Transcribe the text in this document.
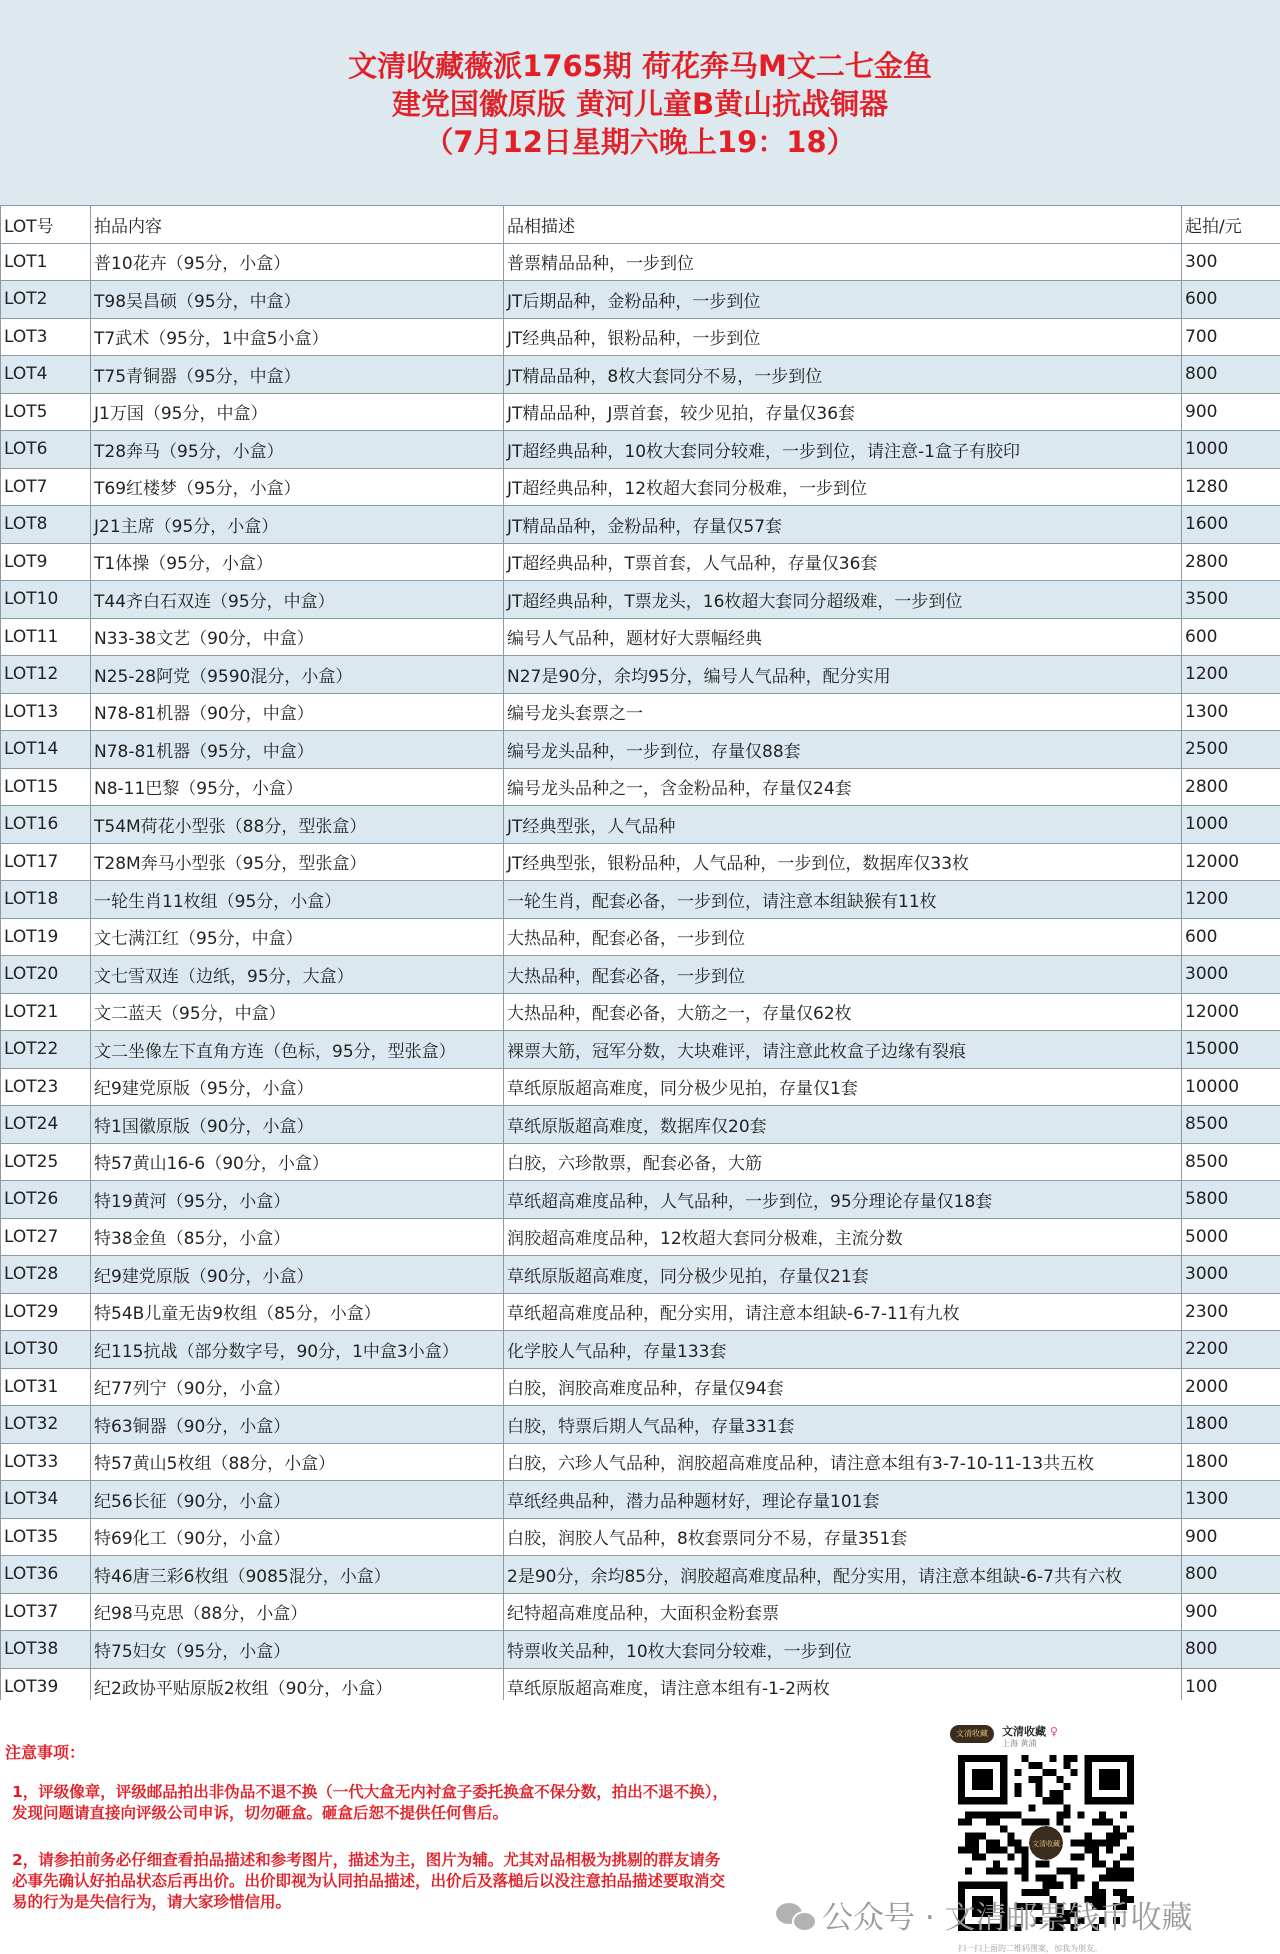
文清收藏薇派1765期 荷花奔马M文二七金鱼
建党国徽原版 黄河儿童B黄山抗战铜器
（7月12日星期六晚上19：18）
LOT号	拍品内容	品相描述	起拍/元
LOT1	普10花卉（95分，小盒）	普票精品品种，一步到位	300
LOT2	T98吴昌硕（95分，中盒）	JT后期品种，金粉品种，一步到位	600
LOT3	T7武术（95分，1中盒5小盒）	JT经典品种，银粉品种，一步到位	700
LOT4	T75青铜器（95分，中盒）	JT精品品种，8枚大套同分不易，一步到位	800
LOT5	J1万国（95分，中盒）	JT精品品种，J票首套，较少见拍，存量仅36套	900
LOT6	T28奔马（95分，小盒）	JT超经典品种，10枚大套同分较难，一步到位，请注意-1盒子有胶印	1000
LOT7	T69红楼梦（95分，小盒）	JT超经典品种，12枚超大套同分极难，一步到位	1280
LOT8	J21主席（95分，小盒）	JT精品品种，金粉品种，存量仅57套	1600
LOT9	T1体操（95分，小盒）	JT超经典品种，T票首套，人气品种，存量仅36套	2800
LOT10	T44齐白石双连（95分，中盒）	JT超经典品种，T票龙头，16枚超大套同分超级难，一步到位	3500
LOT11	N33-38文艺（90分，中盒）	编号人气品种，题材好大票幅经典	600
LOT12	N25-28阿党（9590混分，小盒）	N27是90分，余均95分，编号人气品种，配分实用	1200
LOT13	N78-81机器（90分，中盒）	编号龙头套票之一	1300
LOT14	N78-81机器（95分，中盒）	编号龙头品种，一步到位，存量仅88套	2500
LOT15	N8-11巴黎（95分，小盒）	编号龙头品种之一，含金粉品种，存量仅24套	2800
LOT16	T54M荷花小型张（88分，型张盒）	JT经典型张，人气品种	1000
LOT17	T28M奔马小型张（95分，型张盒）	JT经典型张，银粉品种，人气品种，一步到位，数据库仅33枚	12000
LOT18	一轮生肖11枚组（95分，小盒）	一轮生肖，配套必备，一步到位，请注意本组缺猴有11枚	1200
LOT19	文七满江红（95分，中盒）	大热品种，配套必备，一步到位	600
LOT20	文七雪双连（边纸，95分，大盒）	大热品种，配套必备，一步到位	3000
LOT21	文二蓝天（95分，中盒）	大热品种，配套必备，大筋之一，存量仅62枚	12000
LOT22	文二坐像左下直角方连（色标，95分，型张盒）	裸票大筋，冠军分数，大块难评，请注意此枚盒子边缘有裂痕	15000
LOT23	纪9建党原版（95分，小盒）	草纸原版超高难度，同分极少见拍，存量仅1套	10000
LOT24	特1国徽原版（90分，小盒）	草纸原版超高难度，数据库仅20套	8500
LOT25	特57黄山16-6（90分，小盒）	白胶，六珍散票，配套必备，大筋	8500
LOT26	特19黄河（95分，小盒）	草纸超高难度品种，人气品种，一步到位，95分理论存量仅18套	5800
LOT27	特38金鱼（85分，小盒）	润胶超高难度品种，12枚超大套同分极难，主流分数	5000
LOT28	纪9建党原版（90分，小盒）	草纸原版超高难度，同分极少见拍，存量仅21套	3000
LOT29	特54B儿童无齿9枚组（85分，小盒）	草纸超高难度品种，配分实用，请注意本组缺-6-7-11有九枚	2300
LOT30	纪115抗战（部分数字号，90分，1中盒3小盒）	化学胶人气品种，存量133套	2200
LOT31	纪77列宁（90分，小盒）	白胶，润胶高难度品种，存量仅94套	2000
LOT32	特63铜器（90分，小盒）	白胶，特票后期人气品种，存量331套	1800
LOT33	特57黄山5枚组（88分，小盒）	白胶，六珍人气品种，润胶超高难度品种，请注意本组有3-7-10-11-13共五枚	1800
LOT34	纪56长征（90分，小盒）	草纸经典品种，潜力品种题材好，理论存量101套	1300
LOT35	特69化工（90分，小盒）	白胶，润胶人气品种，8枚套票同分不易，存量351套	900
LOT36	特46唐三彩6枚组（9085混分，小盒）	2是90分，余均85分，润胶超高难度品种，配分实用，请注意本组缺-6-7共有六枚	800
LOT37	纪98马克思（88分，小盒）	纪特超高难度品种，大面积金粉套票	900
LOT38	特75妇女（95分，小盒）	特票收关品种，10枚大套同分较难，一步到位	800
LOT39	纪2政协平贴原版2枚组（90分，小盒）	草纸原版超高难度，请注意本组有-1-2两枚	100
注意事项：
1，评级像章，评级邮品拍出非伪品不退不换（一代大盒无内衬盒子委托换盒不保分数，拍出不退不换），发现问题请直接向评级公司申诉，切勿砸盒。砸盒后恕不提供任何售后。
2，请参拍前务必仔细查看拍品描述和参考图片，描述为主，图片为辅。尤其对品相极为挑剔的群友请务必事先确认好拍品状态后再出价。出价即视为认同拍品描述，出价后及落槌后以没注意拍品描述要取消交易的行为是失信行为，请大家珍惜信用。
文清收藏	文清收藏 ♀
上海 黄浦
文清收藏
扫一扫上面的二维码图案，加我为朋友。
公众号 · 文清邮票钱币收藏
